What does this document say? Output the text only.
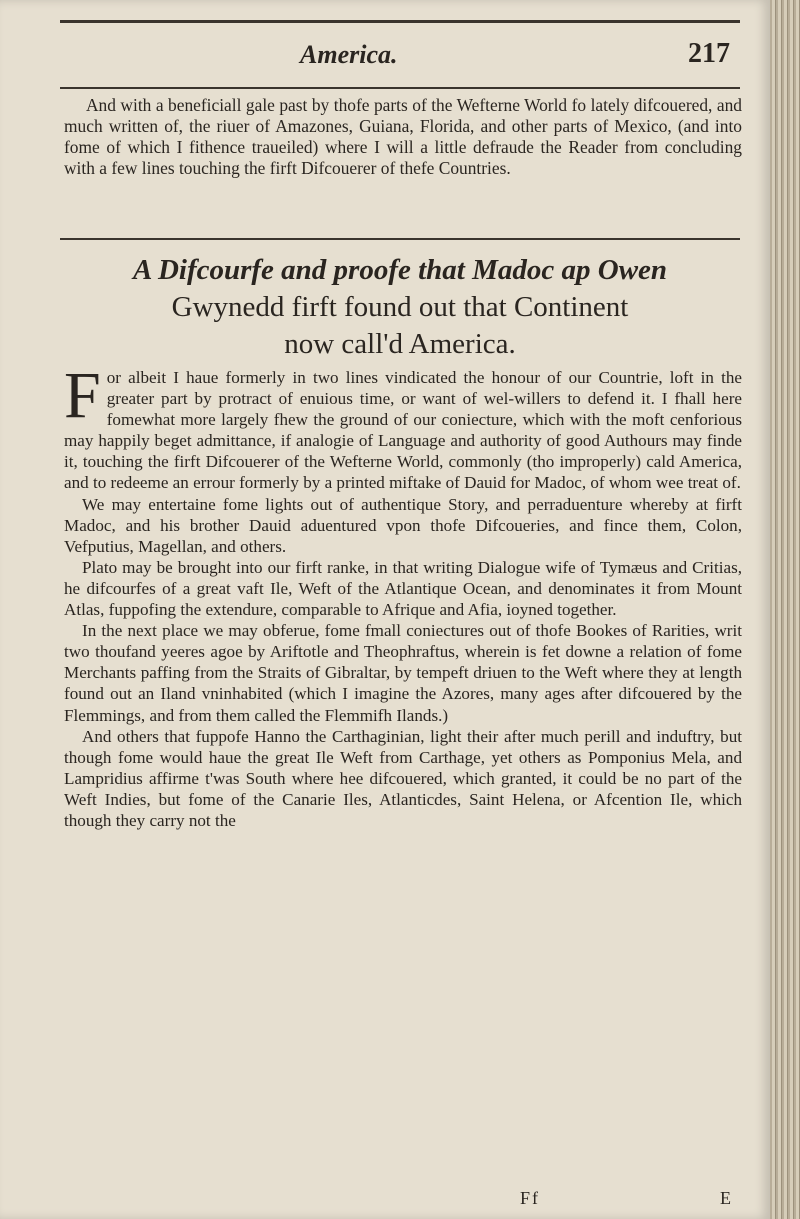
America.	217
And with a beneficiall gale past by thofe parts of the Wefterne World fo lately difcouered, and much written of, the riuer of Amazones, Guiana, Florida, and other parts of Mexico, (and into fome of which I fithence traueiled) where I will a little defraude the Reader from concluding with a few lines touching the firft Difcouerer of thefe Countries.
A Difcourfe and proofe that Madoc ap Owen
Gwynedd firft found out that Continent
now call'd America.

For albeit I haue formerly in two lines vindicated the honour of our Countrie, loft in the greater part by protract of enuious time, or want of wel-willers to defend it. I fhall here fomewhat more largely fhew the ground of our coniecture, which with the moft cenforious may happily beget admittance, if analogie of Language and authority of good Authours may finde it, touching the firft Difcouerer of the Wefterne World, commonly (tho improperly) cald America, and to redeeme an errour formerly by a printed miftake of Dauid for Madoc, of whom wee treat of.

We may entertaine fome lights out of authentique Story, and perraduenture whereby at firft Madoc, and his brother Dauid aduentured vpon thofe Difcoueries, and fince them, Colon, Vefputius, Magellan, and others.

Plato may be brought into our firft ranke, in that writing Dialogue wife of Tymæus and Critias, he difcourfes of a great vaft Ile, Weft of the Atlantique Ocean, and denominates it from Mount Atlas, fuppofing the extendure, comparable to Afrique and Afia, ioyned together.

In the next place we may obferue, fome fmall coniectures out of thofe Bookes of Rarities, writ two thoufand yeeres agoe by Ariftotle and Theophraftus, wherein is fet downe a relation of fome Merchants paffing from the Straits of Gibraltar, by tempeft driuen to the Weft where they at length found out an Iland vninhabited (which I imagine the Azores, many ages after difcouered by the Flemmings, and from them called the Flemmifh Ilands.)

And others that fuppofe Hanno the Carthaginian, light their after much perill and induftry, but though fome would haue the great Ile Weft from Carthage, yet others as Pomponius Mela, and Lampridius affirme t'was South where hee difcouered, which granted, it could be no part of the Weft Indies, but fome of the Canarie Iles, Atlanticdes, Saint Helena, or Afcention Ile, which though they carry not the

Ff	E
